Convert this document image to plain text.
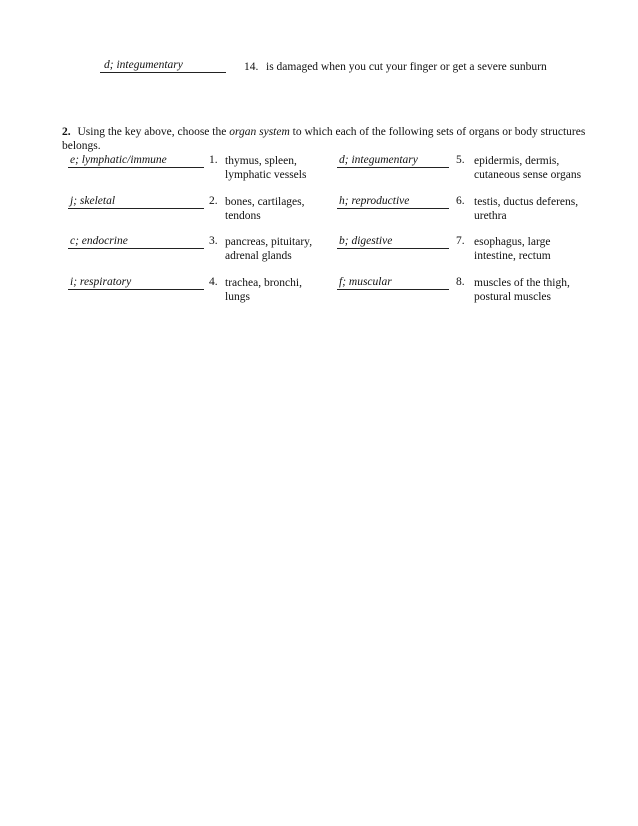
d; integumentary	14. is damaged when you cut your finger or get a severe sunburn
2. Using the key above, choose the organ system to which each of the following sets of organs or body structures belongs.
e; lymphatic/immune	1. thymus, spleen,
lymphatic vessels
j; skeletal	2. bones, cartilages,
tendons
c; endocrine	3. pancreas, pituitary,
adrenal glands
i; respiratory	4. trachea, bronchi,
lungs
d; integumentary	5. epidermis, dermis,
cutaneous sense organs
h; reproductive	6. testis, ductus deferens,
urethra
b; digestive	7. esophagus, large
intestine, rectum
f; muscular	8. muscles of the thigh,
postural muscles
